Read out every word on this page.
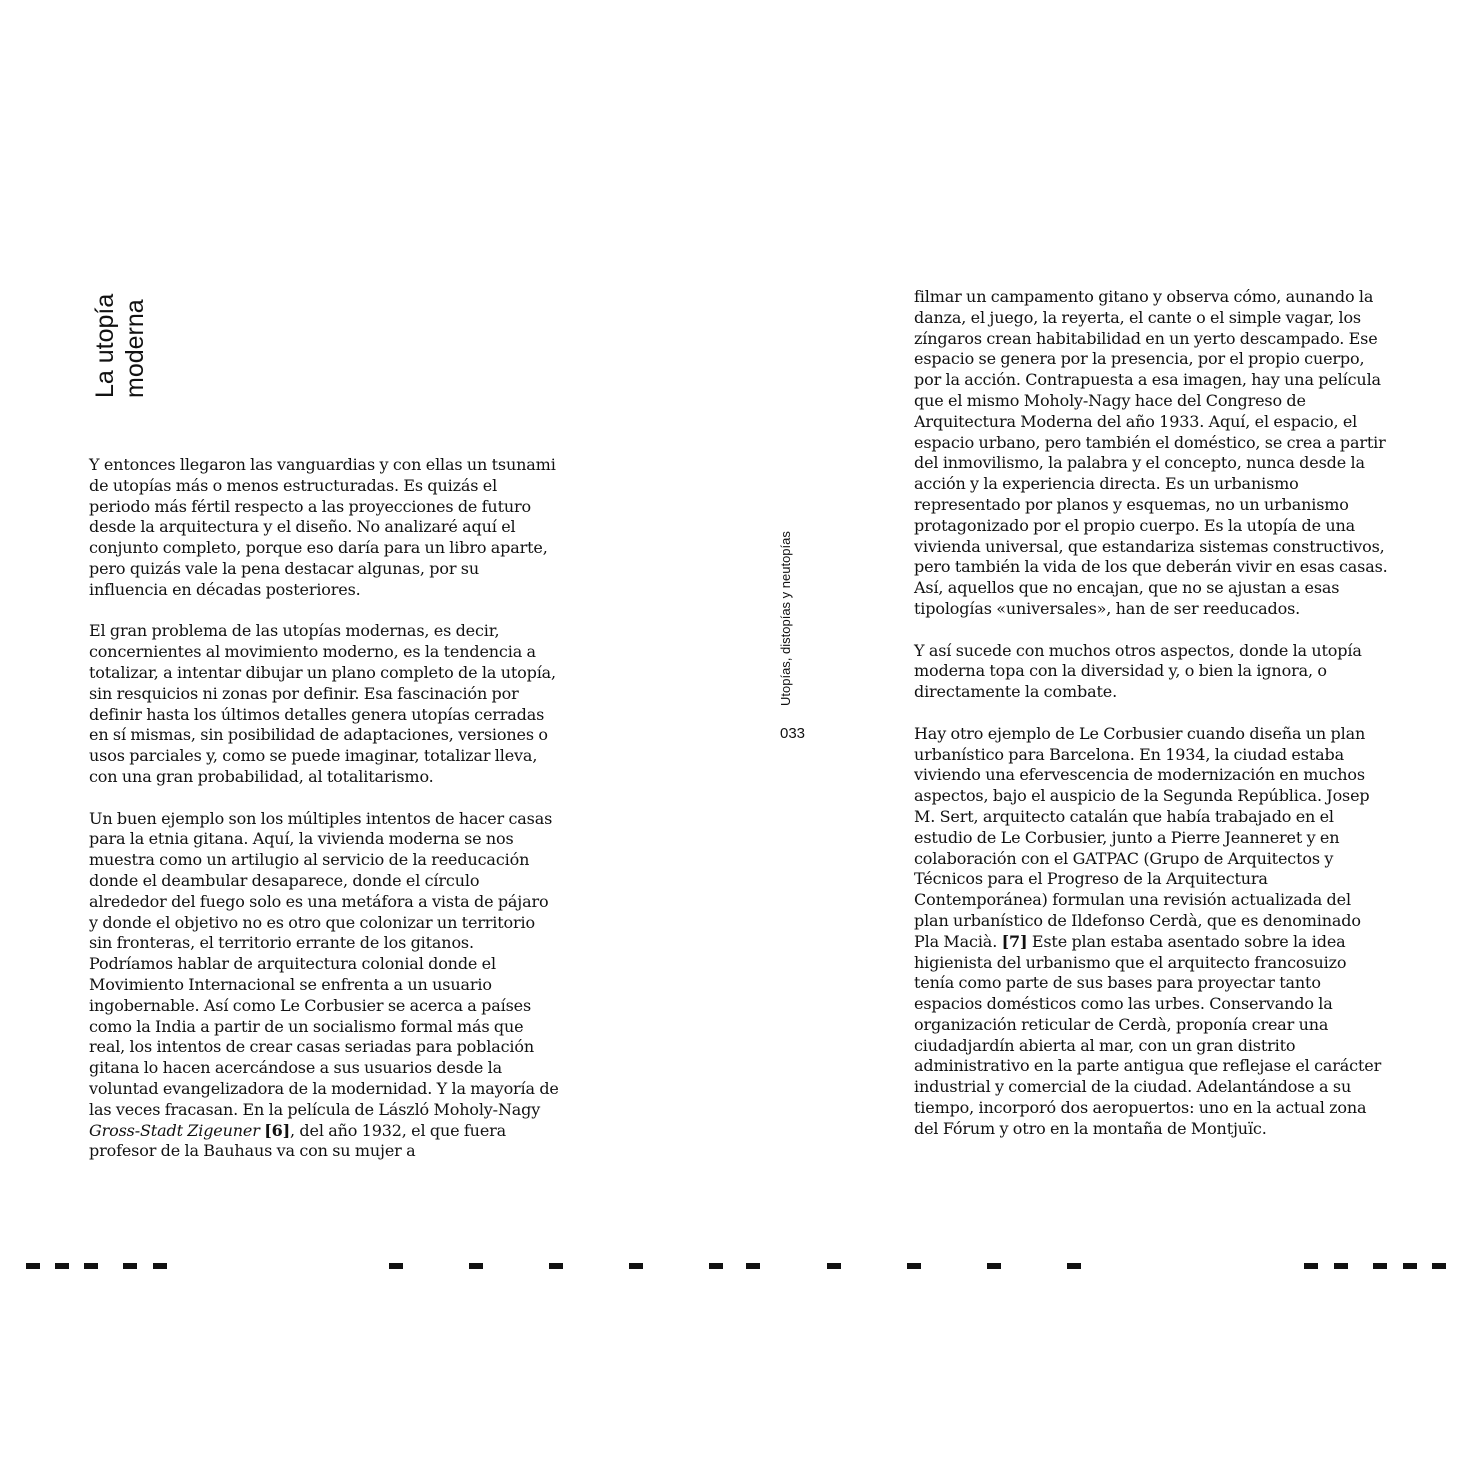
La utopía moderna

Y entonces llegaron las vanguardias y con ellas un tsunami de utopías más o menos estructuradas. Es quizás el periodo más fértil respecto a las proyecciones de futuro desde la arquitectura y el diseño. No analizaré aquí el conjunto completo, porque eso daría para un libro aparte, pero quizás vale la pena destacar algunas, por su influencia en décadas posteriores.

El gran problema de las utopías modernas, es decir, concernientes al movimiento moderno, es la tendencia a totalizar, a intentar dibujar un plano completo de la utopía, sin resquicios ni zonas por definir. Esa fascinación por definir hasta los últimos detalles genera utopías cerradas en sí mismas, sin posibilidad de adaptaciones, versiones o usos parciales y, como se puede imaginar, totalizar lleva, con una gran probabilidad, al totalitarismo.

Un buen ejemplo son los múltiples intentos de hacer casas para la etnia gitana. Aquí, la vivienda moderna se nos muestra como un artilugio al servicio de la reeducación donde el deambular desaparece, donde el círculo alrededor del fuego solo es una metáfora a vista de pájaro y donde el objetivo no es otro que colonizar un territorio sin fronteras, el territorio errante de los gitanos. Podríamos hablar de arquitectura colonial donde el Movimiento Internacional se enfrenta a un usuario ingobernable. Así como Le Corbusier se acerca a países como la India a partir de un socialismo formal más que real, los intentos de crear casas seriadas para población gitana lo hacen acercándose a sus usuarios desde la voluntad evangelizadora de la modernidad. Y la mayoría de las veces fracasan. En la película de László Moholy-Nagy Gross-Stadt Zigeuner [6], del año 1932, el que fuera profesor de la Bauhaus va con su mujer a

Utopías, distopías y neutopías
033

filmar un campamento gitano y observa cómo, aunando la danza, el juego, la reyerta, el cante o el simple vagar, los zíngaros crean habitabilidad en un yerto descampado. Ese espacio se genera por la presencia, por el propio cuerpo, por la acción. Contrapuesta a esa imagen, hay una película que el mismo Moholy-Nagy hace del Congreso de Arquitectura Moderna del año 1933. Aquí, el espacio, el espacio urbano, pero también el doméstico, se crea a partir del inmovilismo, la palabra y el concepto, nunca desde la acción y la experiencia directa. Es un urbanismo representado por planos y esquemas, no un urbanismo protagonizado por el propio cuerpo. Es la utopía de una vivienda universal, que estandariza sistemas constructivos, pero también la vida de los que deberán vivir en esas casas. Así, aquellos que no encajan, que no se ajustan a esas tipologías «universales», han de ser reeducados.

Y así sucede con muchos otros aspectos, donde la utopía moderna topa con la diversidad y, o bien la ignora, o directamente la combate.

Hay otro ejemplo de Le Corbusier cuando diseña un plan urbanístico para Barcelona. En 1934, la ciudad estaba viviendo una efervescencia de modernización en muchos aspectos, bajo el auspicio de la Segunda República. Josep M. Sert, arquitecto catalán que había trabajado en el estudio de Le Corbusier, junto a Pierre Jeanneret y en colaboración con el GATPAC (Grupo de Arquitectos y Técnicos para el Progreso de la Arquitectura Contemporánea) formulan una revisión actualizada del plan urbanístico de Ildefonso Cerdà, que es denominado Pla Macià. [7] Este plan estaba asentado sobre la idea higienista del urbanismo que el arquitecto francosuizo tenía como parte de sus bases para proyectar tanto espacios domésticos como las urbes. Conservando la organización reticular de Cerdà, proponía crear una ciudadjardín abierta al mar, con un gran distrito administrativo en la parte antigua que reflejase el carácter industrial y comercial de la ciudad. Adelantándose a su tiempo, incorporó dos aeropuertos: uno en la actual zona del Fórum y otro en la montaña de Montjuïc.
